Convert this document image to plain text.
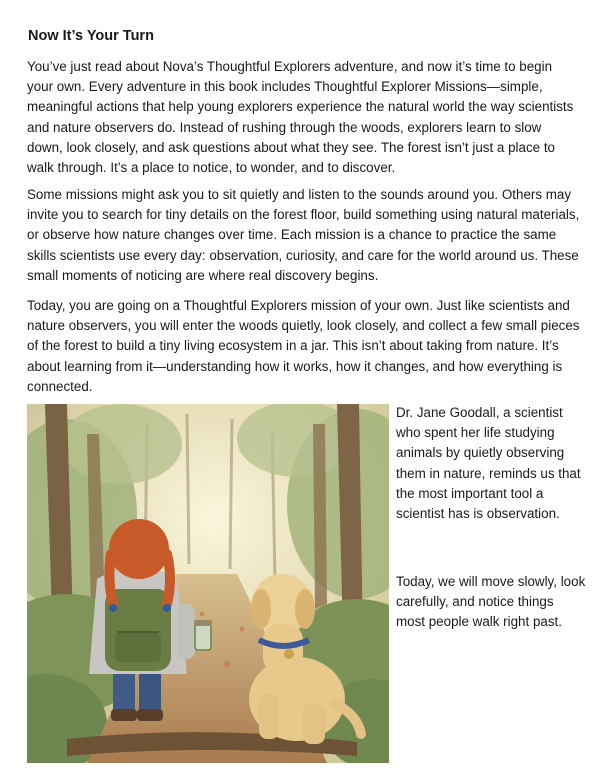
Now It’s Your Turn

You’ve just read about Nova’s Thoughtful Explorers adventure, and now it’s time to begin your own. Every adventure in this book includes Thoughtful Explorer Missions—simple, meaningful actions that help young explorers experience the natural world the way scientists and nature observers do. Instead of rushing through the woods, explorers learn to slow down, look closely, and ask questions about what they see. The forest isn’t just a place to walk through. It’s a place to notice, to wonder, and to discover.

Some missions might ask you to sit quietly and listen to the sounds around you. Others may invite you to search for tiny details on the forest floor, build something using natural materials, or observe how nature changes over time. Each mission is a chance to practice the same skills scientists use every day: observation, curiosity, and care for the world around us. These small moments of noticing are where real discovery begins.

Today, you are going on a Thoughtful Explorers mission of your own. Just like scientists and nature observers, you will enter the woods quietly, look closely, and collect a few small pieces of the forest to build a tiny living ecosystem in a jar. This isn’t about taking from nature. It’s about learning from it—understanding how it works, how it changes, and how everything is connected.

Dr. Jane Goodall, a scientist who spent her life studying animals by quietly observing them in nature, reminds us that the most important tool a scientist has is observation.

Today, we will move slowly, look carefully, and notice things most people walk right past.
